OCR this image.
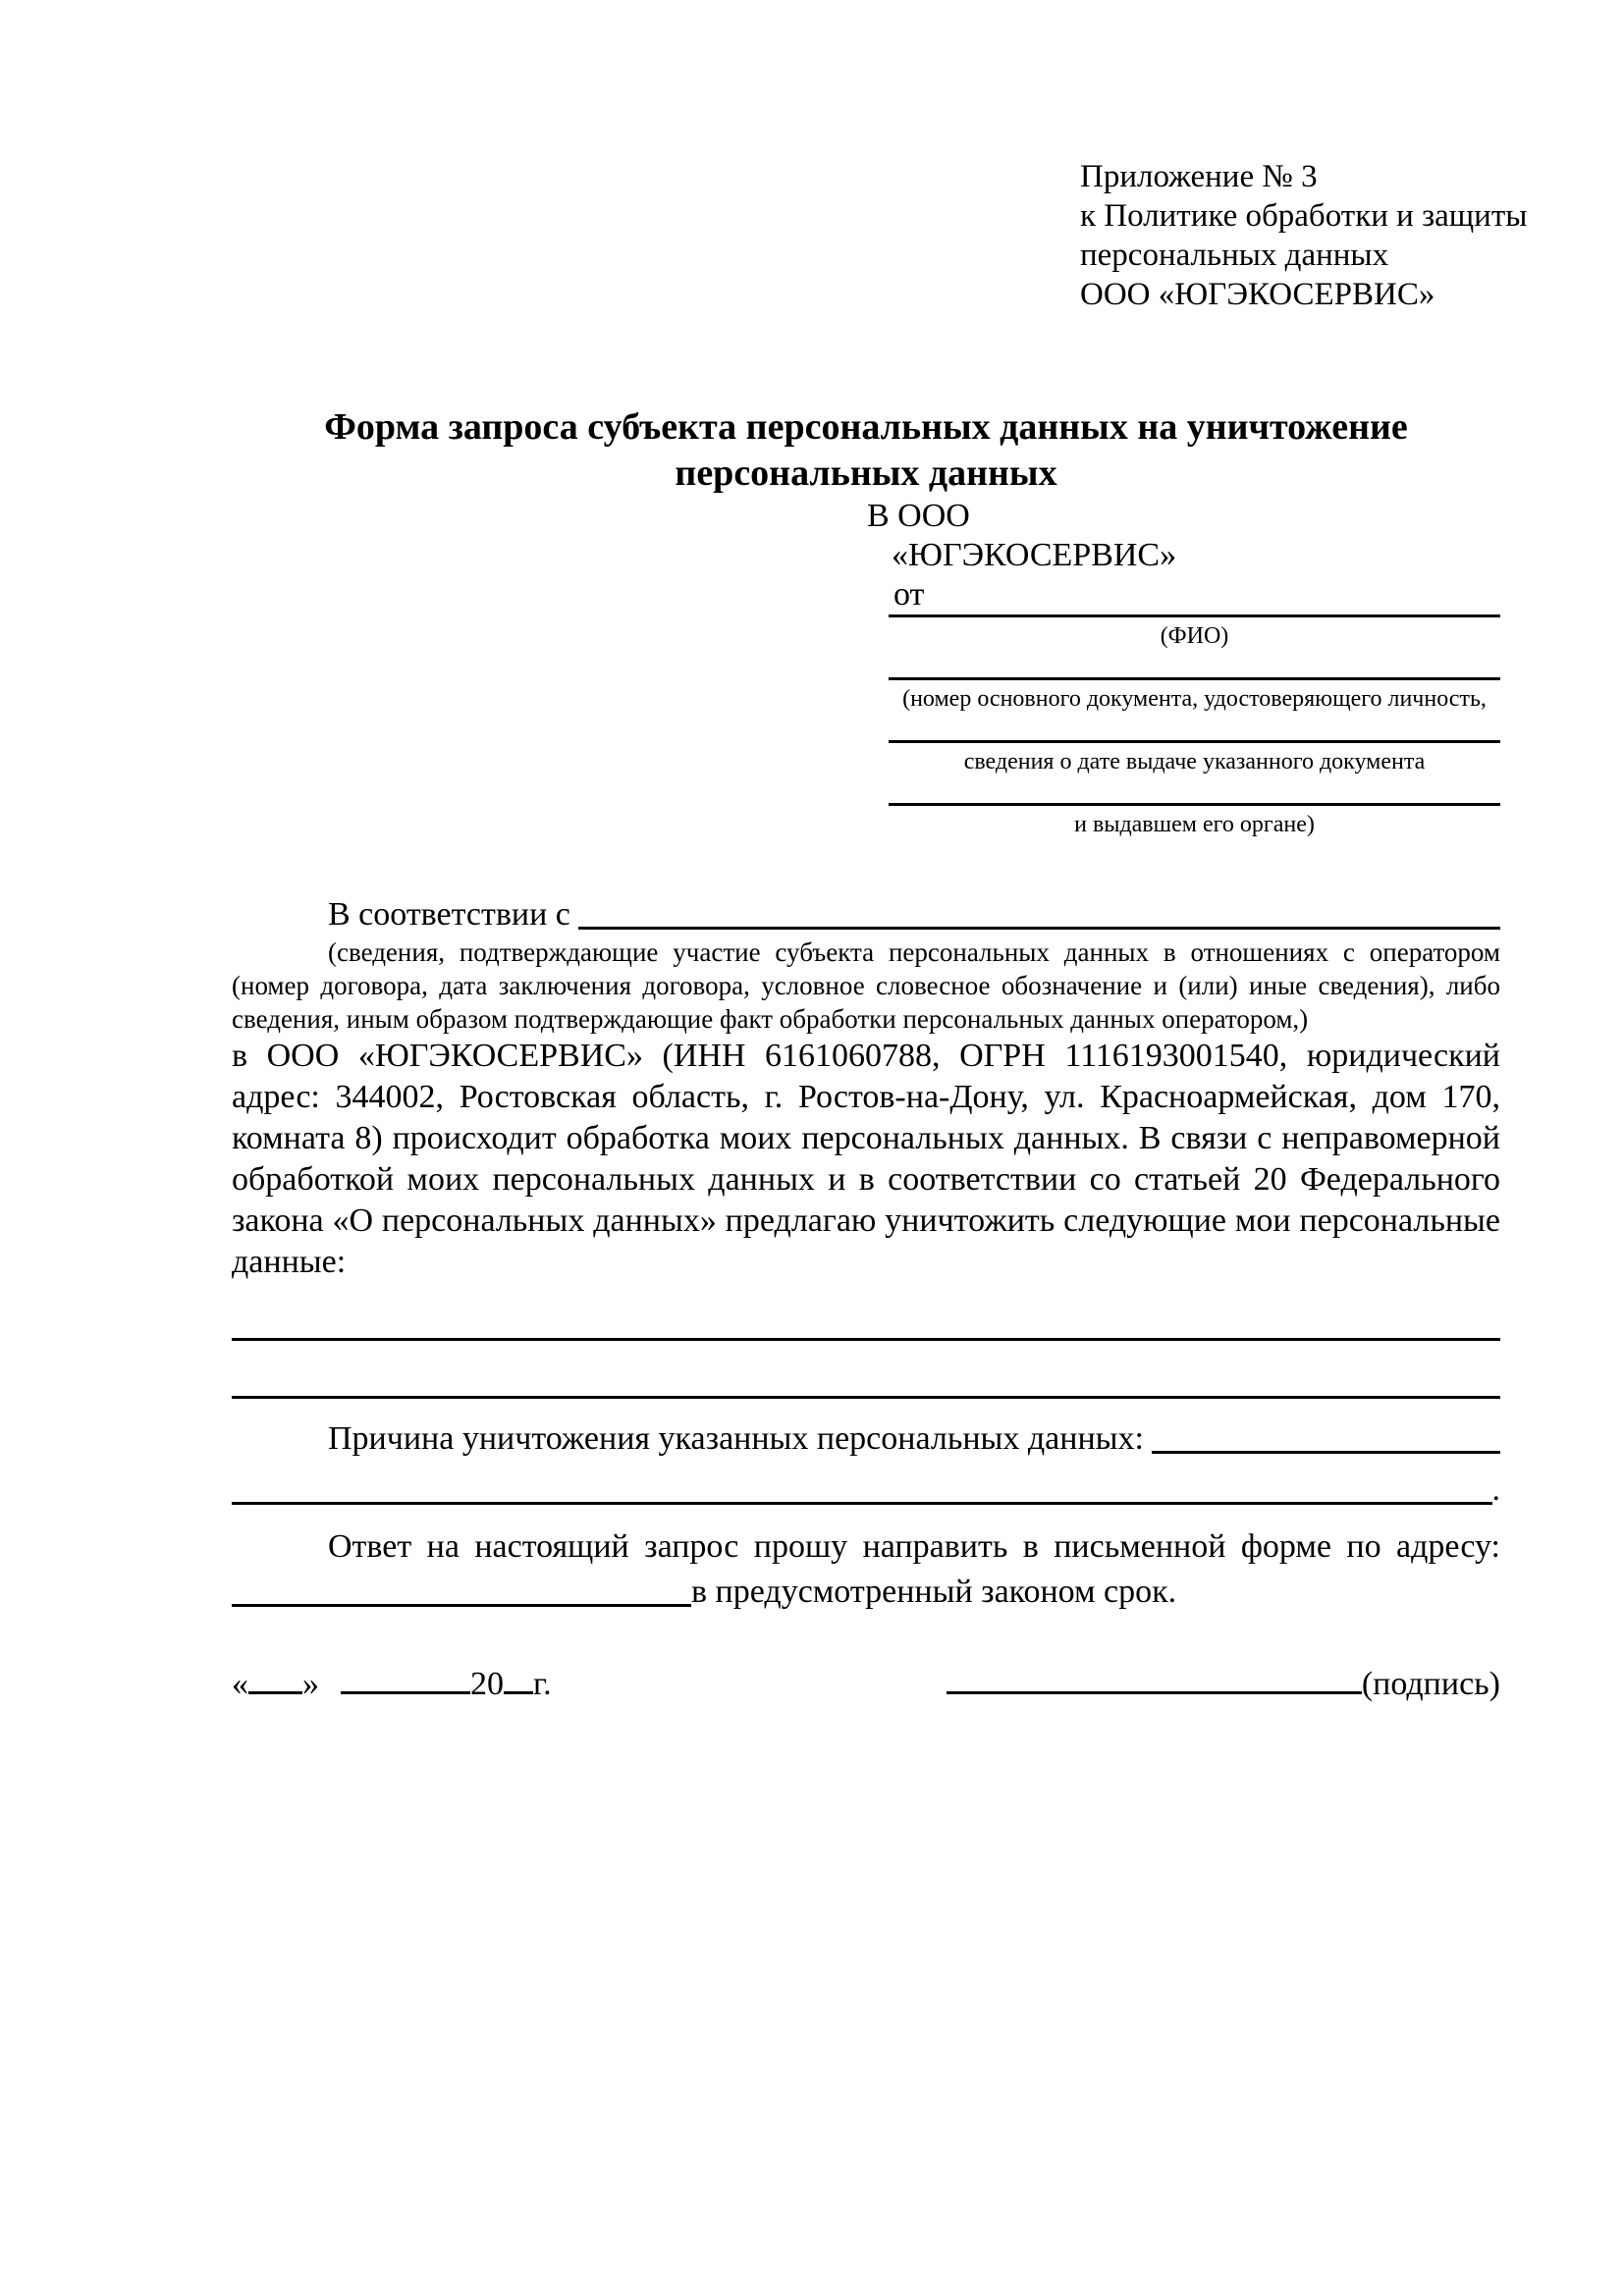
Приложение № 3
к Политике обработки и защиты
персональных данных
ООО «ЮГЭКОСЕРВИС»
Форма запроса субъекта персональных данных на уничтожение
персональных данных
В ООО
«ЮГЭКОСЕРВИС»
от
(ФИО)
(номер основного документа, удостоверяющего личность,
сведения о дате выдаче указанного документа
и выдавшем его органе)
В соответствии с
(сведения, подтверждающие участие субъекта персональных данных в отношениях с оператором (номер договора, дата заключения договора, условное словесное обозначение и (или) иные сведения), либо сведения, иным образом подтверждающие факт обработки персональных данных оператором,)
в ООО «ЮГЭКОСЕРВИС» (ИНН 6161060788, ОГРН 1116193001540, юридический адрес: 344002, Ростовская область, г. Ростов-на-Дону, ул. Красноармейская, дом 170, комната 8) происходит обработка моих персональных данных. В связи с неправомерной обработкой моих персональных данных и в соответствии со статьей 20 Федерального закона «О персональных данных» предлагаю уничтожить следующие мои персональные данные:
Причина уничтожения указанных персональных данных:
.
Ответ на настоящий запрос прошу направить в письменной форме по адресу:
в предусмотренный законом срок.
« »	20 г.	(подпись)
